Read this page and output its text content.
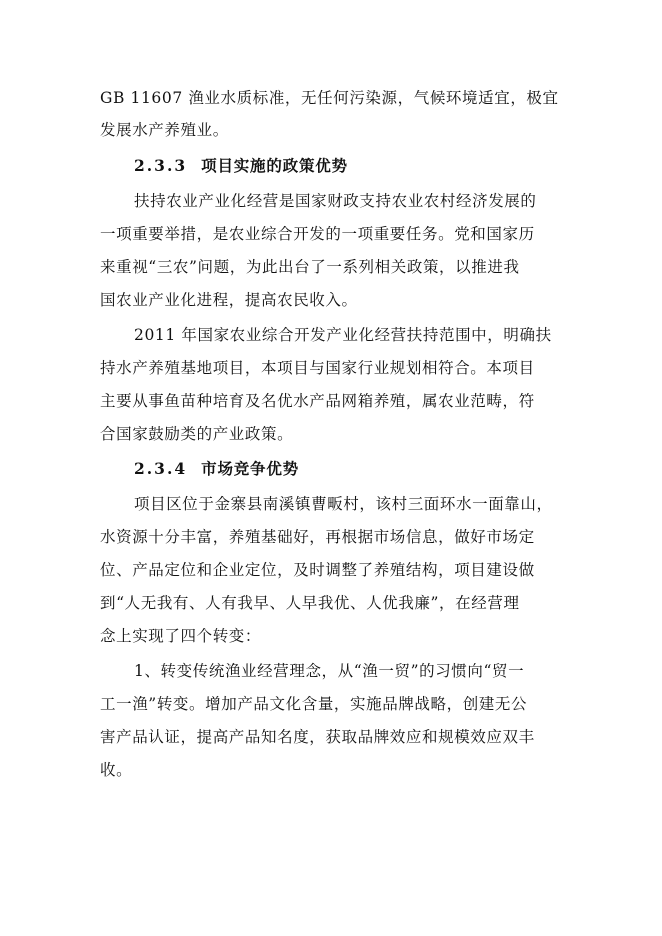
GB 11607 渔业水质标准，无任何污染源，气候环境适宜，极宜
发展水产养殖业。
2.3.3 项目实施的政策优势
扶持农业产业化经营是国家财政支持农业农村经济发展的
一项重要举措，是农业综合开发的一项重要任务。党和国家历
来重视“三农”问题，为此出台了一系列相关政策，以推进我
国农业产业化进程，提高农民收入。
2011 年国家农业综合开发产业化经营扶持范围中，明确扶
持水产养殖基地项目，本项目与国家行业规划相符合。本项目
主要从事鱼苗种培育及名优水产品网箱养殖，属农业范畴，符
合国家鼓励类的产业政策。
2.3.4 市场竞争优势
项目区位于金寨县南溪镇曹畈村，该村三面环水一面靠山，
水资源十分丰富，养殖基础好，再根据市场信息，做好市场定
位、产品定位和企业定位，及时调整了养殖结构，项目建设做
到“人无我有、人有我早、人早我优、人优我廉”，在经营理
念上实现了四个转变：
1、转变传统渔业经营理念，从“渔一贸”的习惯向“贸一
工一渔”转变。增加产品文化含量，实施品牌战略，创建无公
害产品认证，提高产品知名度，获取品牌效应和规模效应双丰
收。
